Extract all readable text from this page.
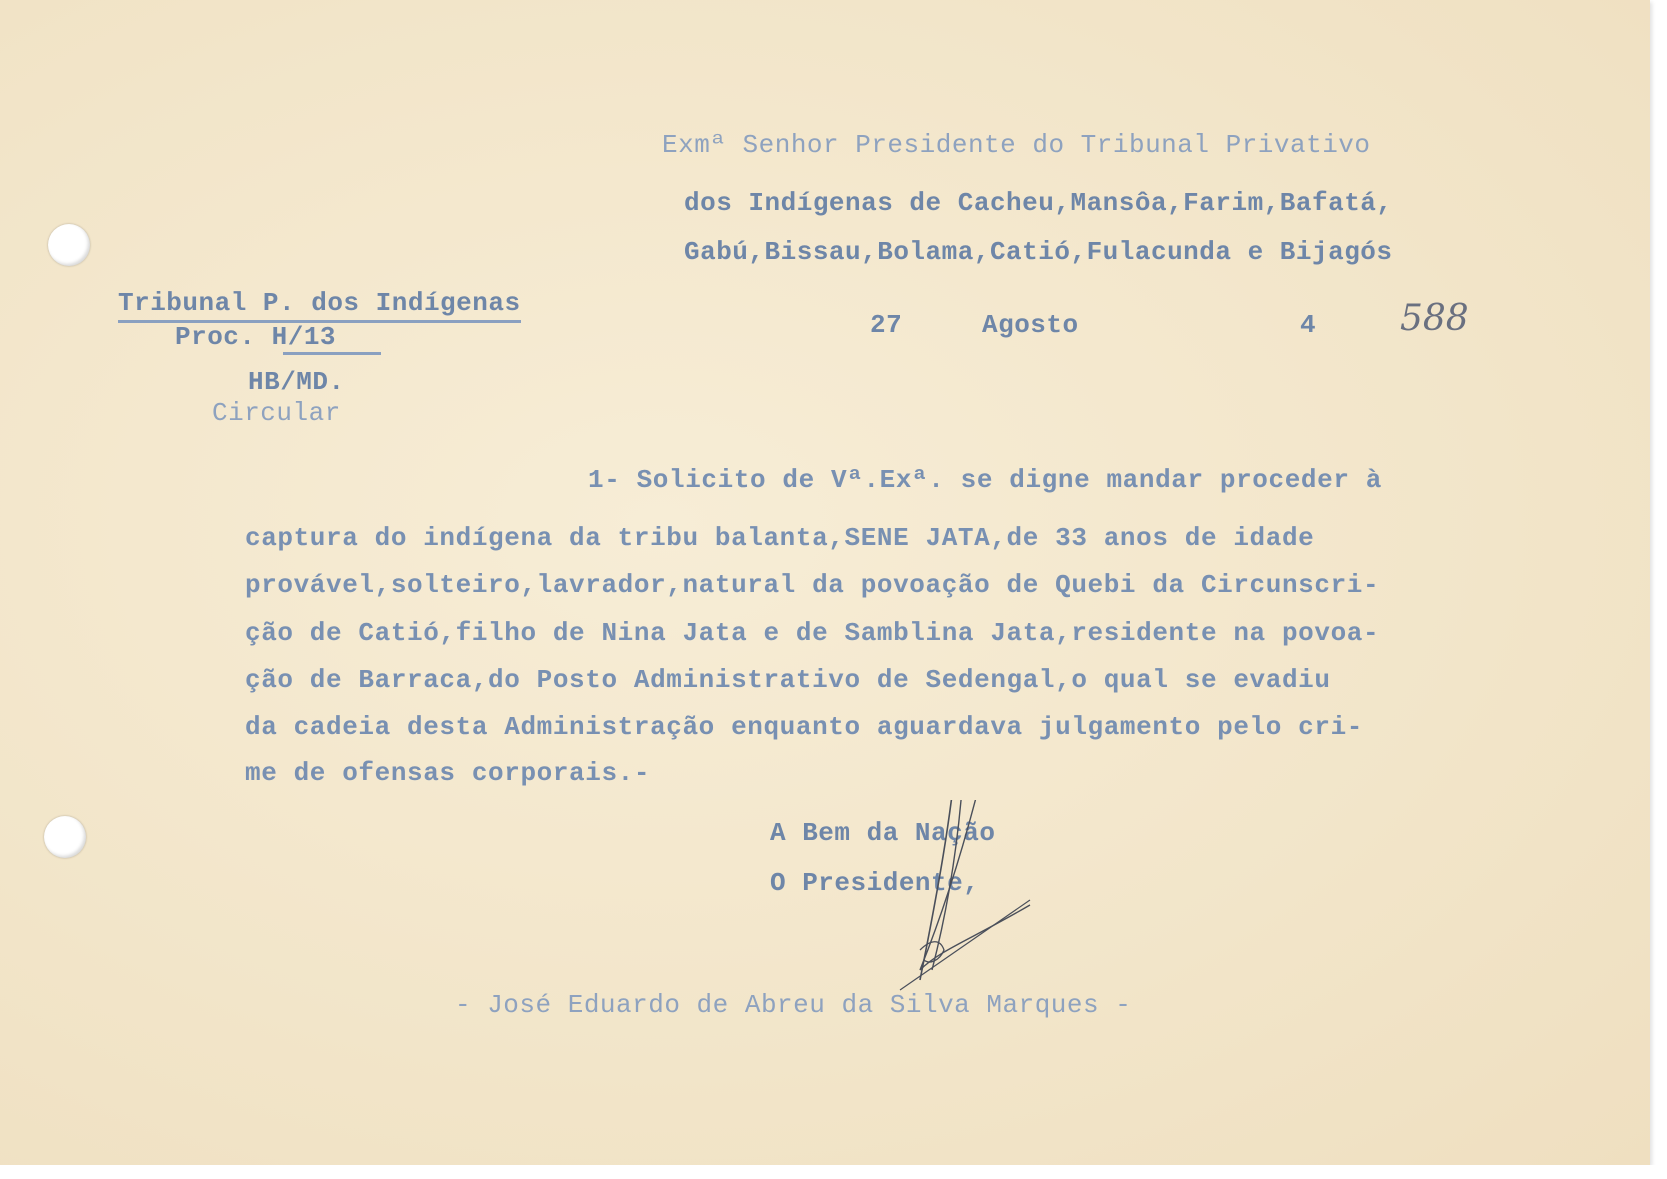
Exmª Senhor Presidente do Tribunal Privativo
dos Indígenas de Cacheu,Mansôa,Farim,Bafatá,
Gabú,Bissau,Bolama,Catió,Fulacunda e Bijagós
Tribunal P. dos Indígenas
Proc. H/13
HB/MD.
Circular
27	Agosto	4 588
1- Solicito de Vª.Exª. se digne mandar proceder à
captura do indígena da tribu balanta,SENE JATA,de 33 anos de idade
provável,solteiro,lavrador,natural da povoação de Quebi da Circunscri-
ção de Catió,filho de Nina Jata e de Samblina Jata,residente na povoa-
ção de Barraca,do Posto Administrativo de Sedengal,o qual se evadiu
da cadeia desta Administração enquanto aguardava julgamento pelo cri-
me de ofensas corporais.-
A Bem da Nação
O Presidente,
- José Eduardo de Abreu da Silva Marques -
